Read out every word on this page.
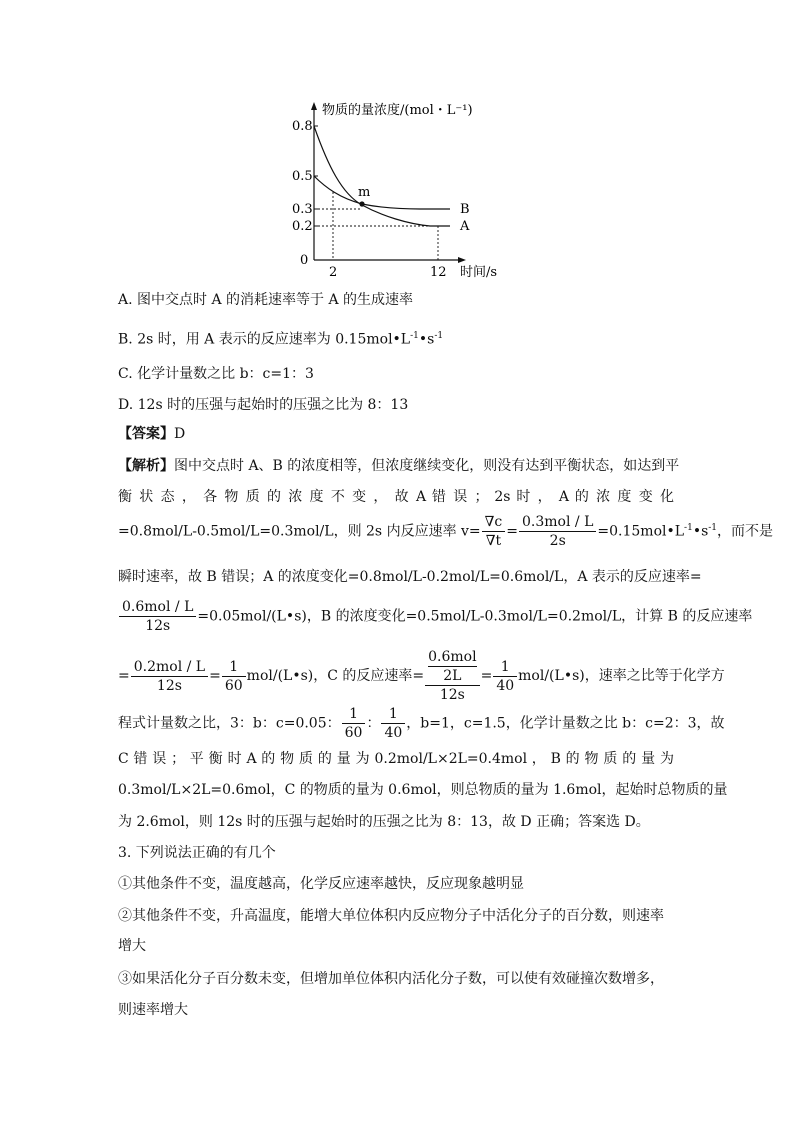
物质的量浓度/(mol・L⁻¹)
0.8
0.5
0.3
0.2
0
2	12 时间/s
m
B
A
A. 图中交点时 A 的消耗速率等于 A 的生成速率
B. 2s 时，用 A 表示的反应速率为 $0.15mol•L^{-1}•s^{-1}$
C. 化学计量数之比 b：c=1：3
D. 12s 时的压强与起始时的压强之比为 8：13
【答案】D
【解析】图中交点时 A、B 的浓度相等，但浓度继续变化，则没有达到平衡状态，如达到平
衡 状 态 ， 各 物 质 的 浓 度 不 变 ， 故 A 错 误 ； 2s 时 ， A 的 浓 度 变 化
=0.8mol/L-0.5mol/L=0.3mol/L，则 2s 内反应速率 $v= \frac{\nabla c}{\nabla t} = \frac{\text{0.3mol / L}}{2s}$ $=0.15mol•L^{-1}•s^{-1}$，而不是
瞬时速率，故 B 错误；A 的浓度变化=0.8mol/L-0.2mol/L=0.6mol/L，A 表示的反应速率=
$\frac{\text{0.6mol / L}}{12s}$ =0.05mol/(L•s)，B 的浓度变化=0.5mol/L-0.3mol/L=0.2mol/L，计算 B 的反应速率
= $\frac{\text{0.2mol / L}}{12s} = \frac{1}{60}$ mol/(L•s)，C 的反应速率= 0.6mol
2L
$12s = \frac{1}{40}$ mol/(L•s)，速率之比等于化学方
程式计量数之比，3：b：c=0.05： $\frac{1}{60}$ ： $\frac{1}{40}$ ，b=1，c=1.5，化学计量数之比 b：c=2：3，故
C 错 误 ； 平 衡 时 A 的 物 质 的 量 为 0.2mol/L×2L=0.4mol ， B 的 物 质 的 量 为
0.3mol/L×2L=0.6mol，C 的物质的量为 0.6mol，则总物质的量为 1.6mol，起始时总物质的量
为 2.6mol，则 12s 时的压强与起始时的压强之比为 8：13，故 D 正确；答案选 D。
3. 下列说法正确的有几个
①其他条件不变，温度越高，化学反应速率越快，反应现象越明显
②其他条件不变，升高温度，能增大单位体积内反应物分子中活化分子的百分数，则速率
增大
③如果活化分子百分数未变，但增加单位体积内活化分子数，可以使有效碰撞次数增多，
则速率增大
